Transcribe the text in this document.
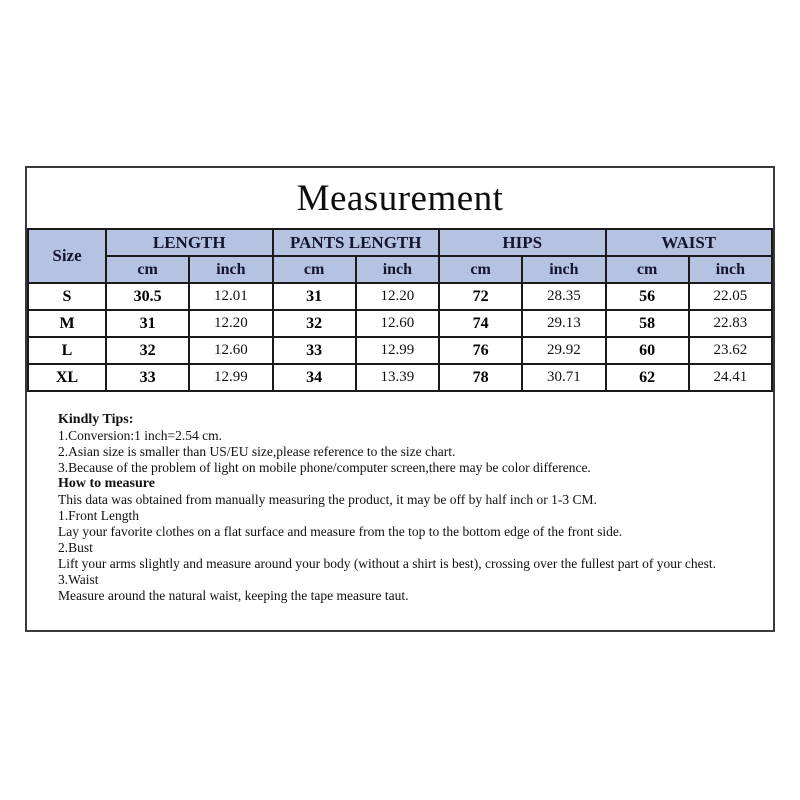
Measurement
Size	LENGTH		PANTS LENGTH		HIPS		WAIST	
	cm	inch	cm	inch	cm	inch	cm	inch
S	30.5	12.01	31	12.20	72	28.35	56	22.05
M	31	12.20	32	12.60	74	29.13	58	22.83
L	32	12.60	33	12.99	76	29.92	60	23.62
XL	33	12.99	34	13.39	78	30.71	62	24.41
Kindly Tips:
1.Conversion:1 inch=2.54 cm.
2.Asian size is smaller than US/EU size,please reference to the size chart.
3.Because of the problem of light on mobile phone/computer screen,there may be color difference.
How to measure
This data was obtained from manually measuring the product, it may be off by half inch or 1-3 CM.
1.Front Length
Lay your favorite clothes on a flat surface and measure from the top to the bottom edge of the front side.
2.Bust
Lift your arms slightly and measure around your body (without a shirt is best), crossing over the fullest part of your chest.
3.Waist
Measure around the natural waist, keeping the tape measure taut.
